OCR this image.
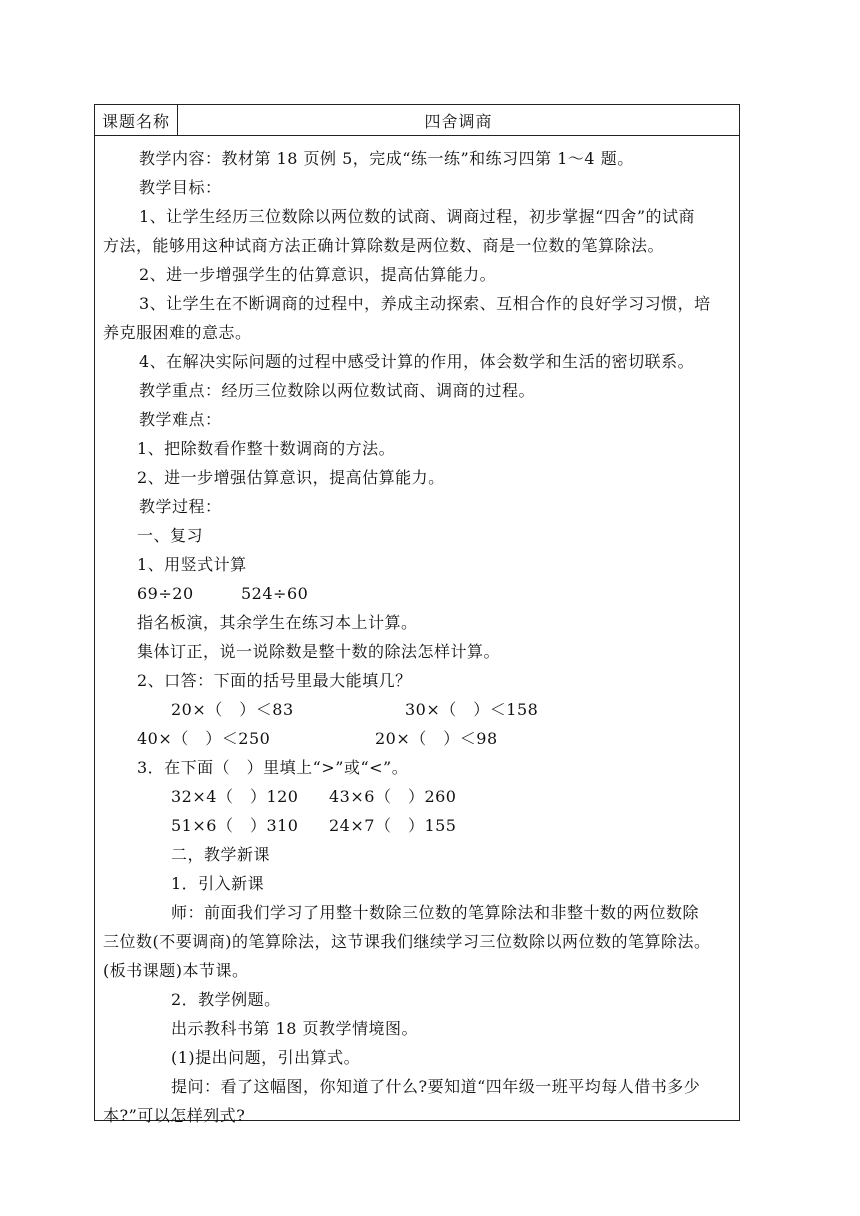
课题名称	四舍调商
教学内容：教材第 18 页例 5，完成“练一练”和练习四第 1～4 题。
教学目标：
1、让学生经历三位数除以两位数的试商、调商过程，初步掌握“四舍”的试商
方法，能够用这种试商方法正确计算除数是两位数、商是一位数的笔算除法。
2、进一步增强学生的估算意识，提高估算能力。
3、让学生在不断调商的过程中，养成主动探索、互相合作的良好学习习惯，培
养克服困难的意志。
4、在解决实际问题的过程中感受计算的作用，体会数学和生活的密切联系。
教学重点：经历三位数除以两位数试商、调商的过程。
教学难点：
1、把除数看作整十数调商的方法。
2、进一步增强估算意识，提高估算能力。
教学过程：
一、复习
1、用竖式计算
69÷20	524÷60
指名板演，其余学生在练习本上计算。
集体订正，说一说除数是整十数的除法怎样计算。
2、口答：下面的括号里最大能填几？
20×（　）＜83	30×（　）＜158
40×（　）＜250	20×（　）＜98
3．在下面（　）里填上“>”或“<”。
32×4（　）120 43×6（　）260
51×6（　）310 24×7（　）155
二，教学新课
1．引入新课
师：前面我们学习了用整十数除三位数的笔算除法和非整十数的两位数除
三位数(不要调商)的笔算除法，这节课我们继续学习三位数除以两位数的笔算除法。
(板书课题)本节课。
2．教学例题。
出示教科书第 18 页教学情境图。
(1)提出问题，引出算式。
提问：看了这幅图，你知道了什么?要知道“四年级一班平均每人借书多少
本?”可以怎样列式?
